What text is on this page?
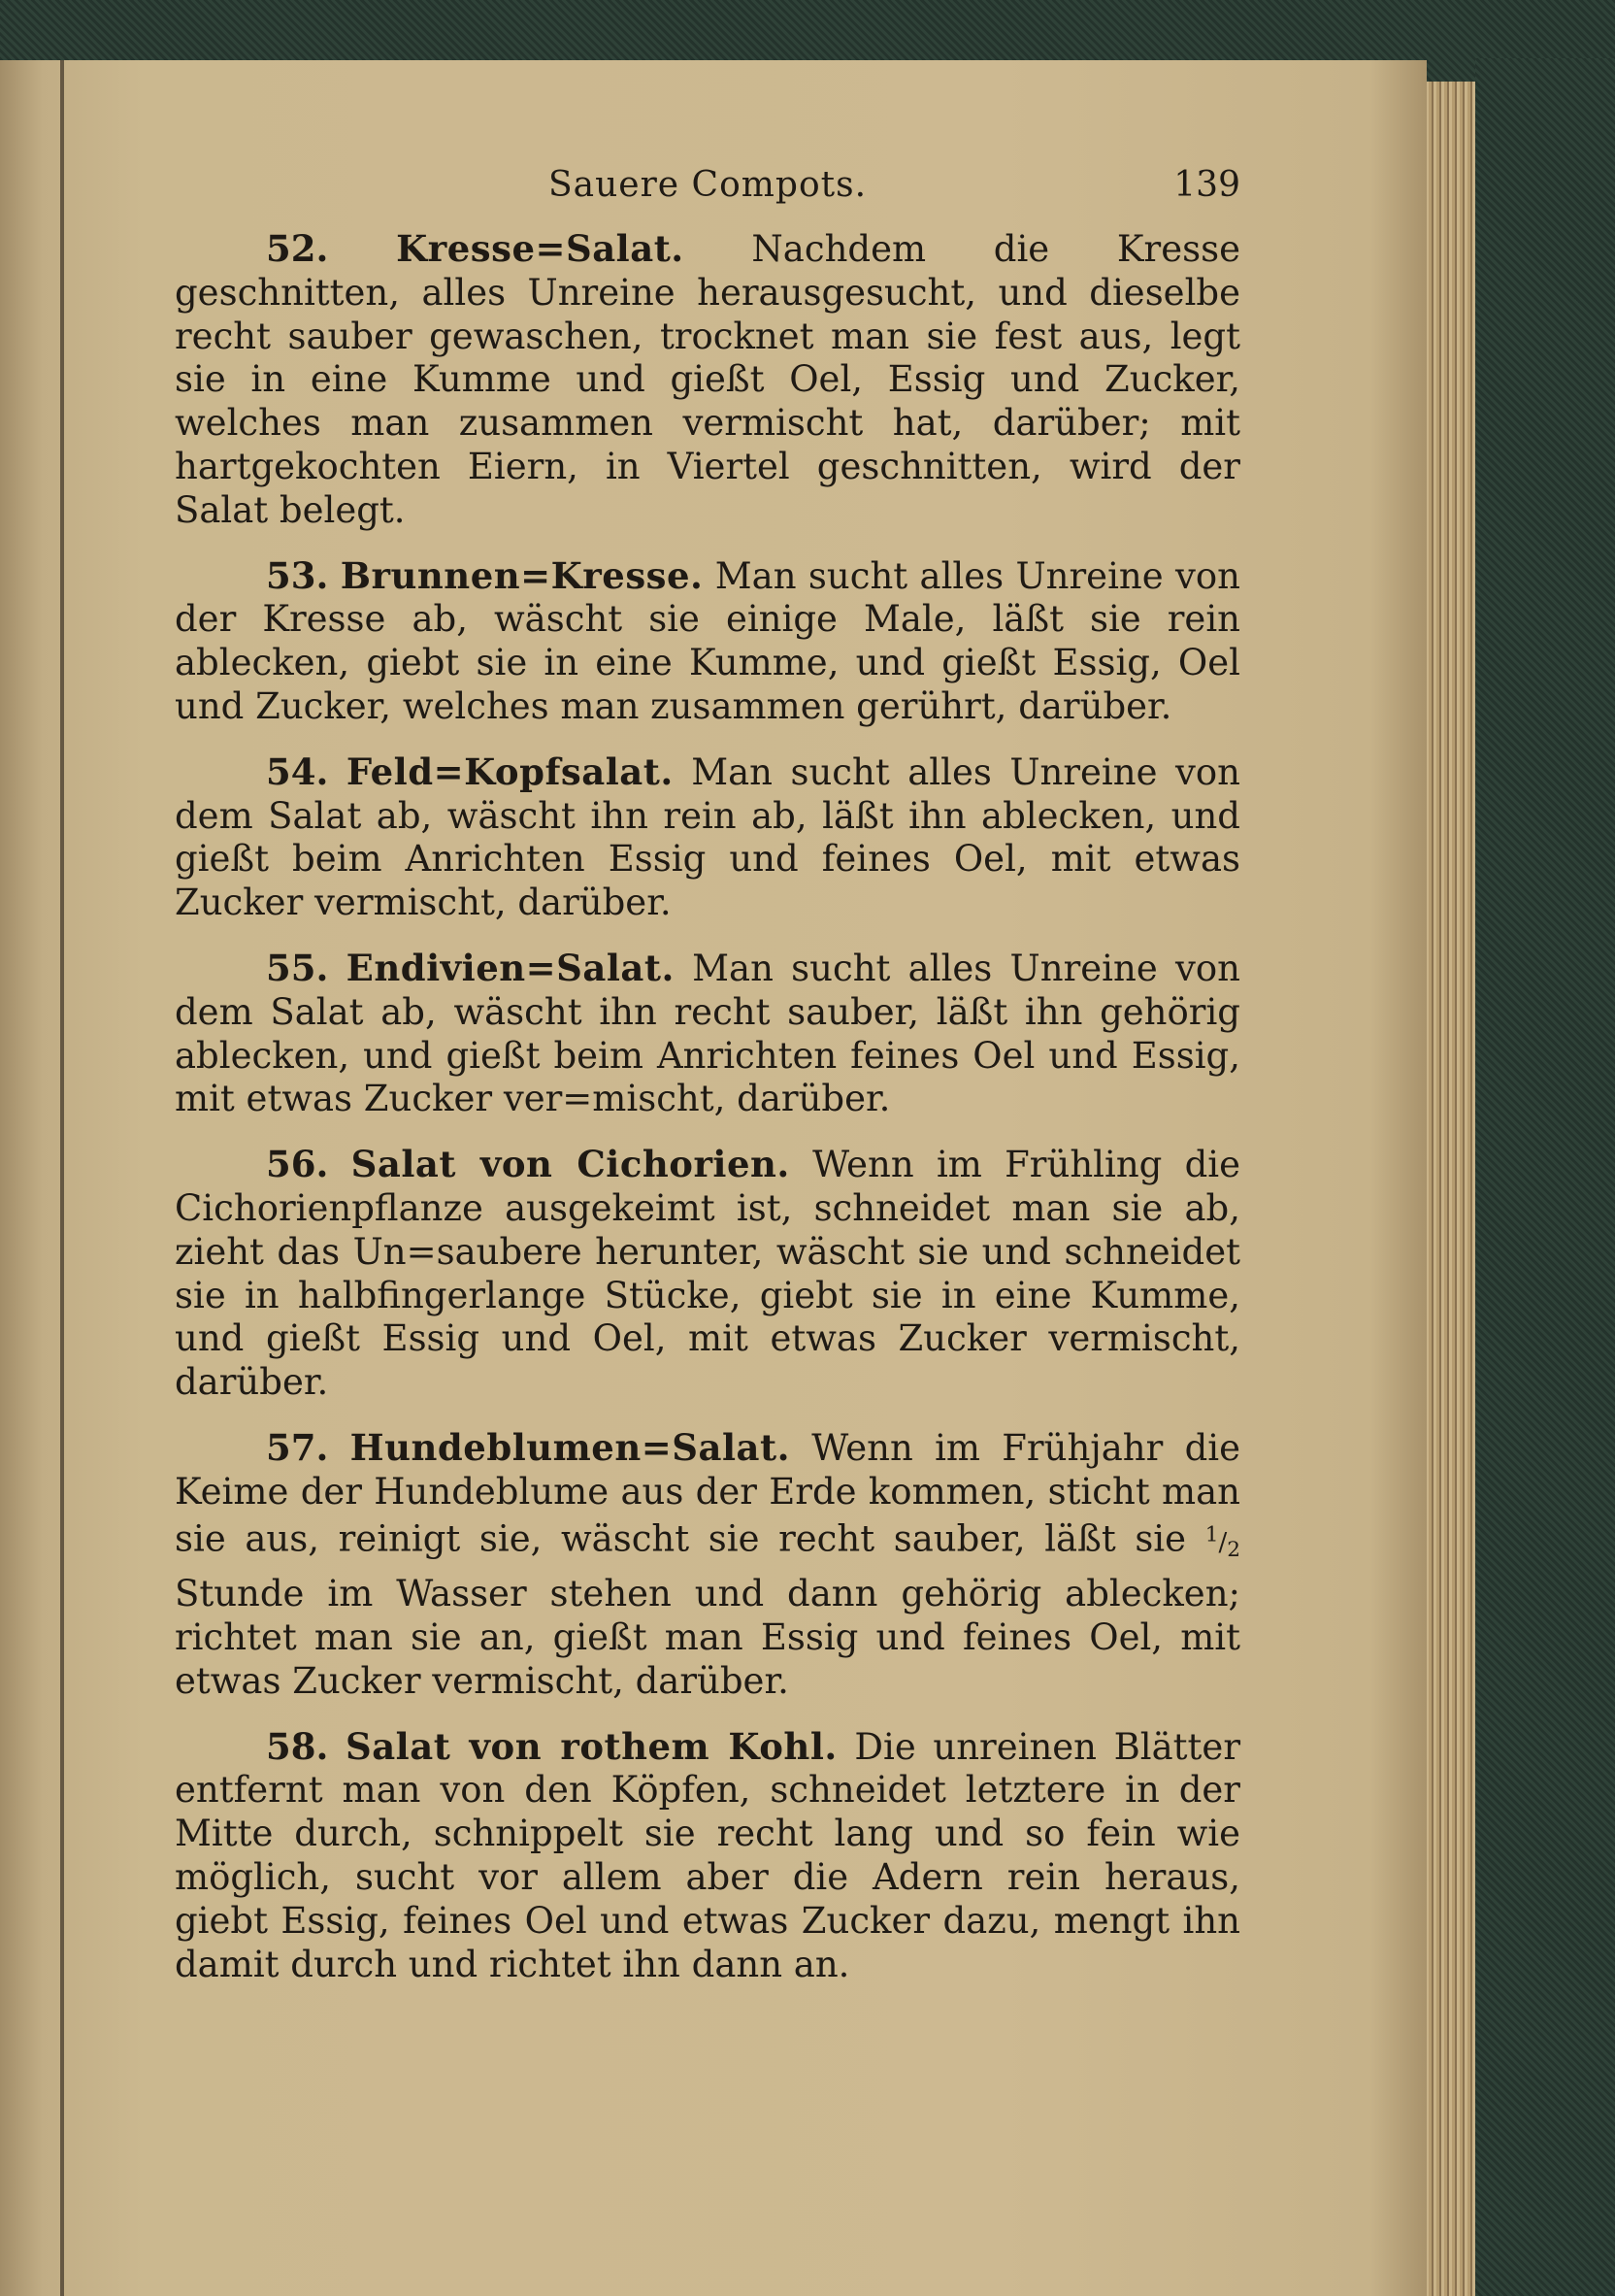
Sauere Compots.	139

52. Kresse=Salat. Nachdem die Kresse geschnitten, alles Unreine herausgesucht, und dieselbe recht sauber gewaschen, trocknet man sie fest aus, legt sie in eine Kumme und gießt Oel, Essig und Zucker, welches man zusammen vermischt hat, darüber; mit hartgekochten Eiern, in Viertel geschnitten, wird der Salat belegt.

53. Brunnen=Kresse. Man sucht alles Unreine von der Kresse ab, wäscht sie einige Male, läßt sie rein ablecken, giebt sie in eine Kumme, und gießt Essig, Oel und Zucker, welches man zusammen gerührt, darüber.

54. Feld=Kopfsalat. Man sucht alles Unreine von dem Salat ab, wäscht ihn rein ab, läßt ihn ablecken, und gießt beim Anrichten Essig und feines Oel, mit etwas Zucker vermischt, darüber.

55. Endivien=Salat. Man sucht alles Unreine von dem Salat ab, wäscht ihn recht sauber, läßt ihn gehörig ablecken, und gießt beim Anrichten feines Oel und Essig, mit etwas Zucker ver=mischt, darüber.

56. Salat von Cichorien. Wenn im Frühling die Cichorienpflanze ausgekeimt ist, schneidet man sie ab, zieht das Un=saubere herunter, wäscht sie und schneidet sie in halbfingerlange Stücke, giebt sie in eine Kumme, und gießt Essig und Oel, mit etwas Zucker vermischt, darüber.

57. Hundeblumen=Salat. Wenn im Frühjahr die Keime der Hundeblume aus der Erde kommen, sticht man sie aus, reinigt sie, wäscht sie recht sauber, läßt sie $^1/_2$ Stunde im Wasser stehen und dann gehörig ablecken; richtet man sie an, gießt man Essig und feines Oel, mit etwas Zucker vermischt, darüber.

58. Salat von rothem Kohl. Die unreinen Blätter entfernt man von den Köpfen, schneidet letztere in der Mitte durch, schnippelt sie recht lang und so fein wie möglich, sucht vor allem aber die Adern rein heraus, giebt Essig, feines Oel und etwas Zucker dazu, mengt ihn damit durch und richtet ihn dann an.
